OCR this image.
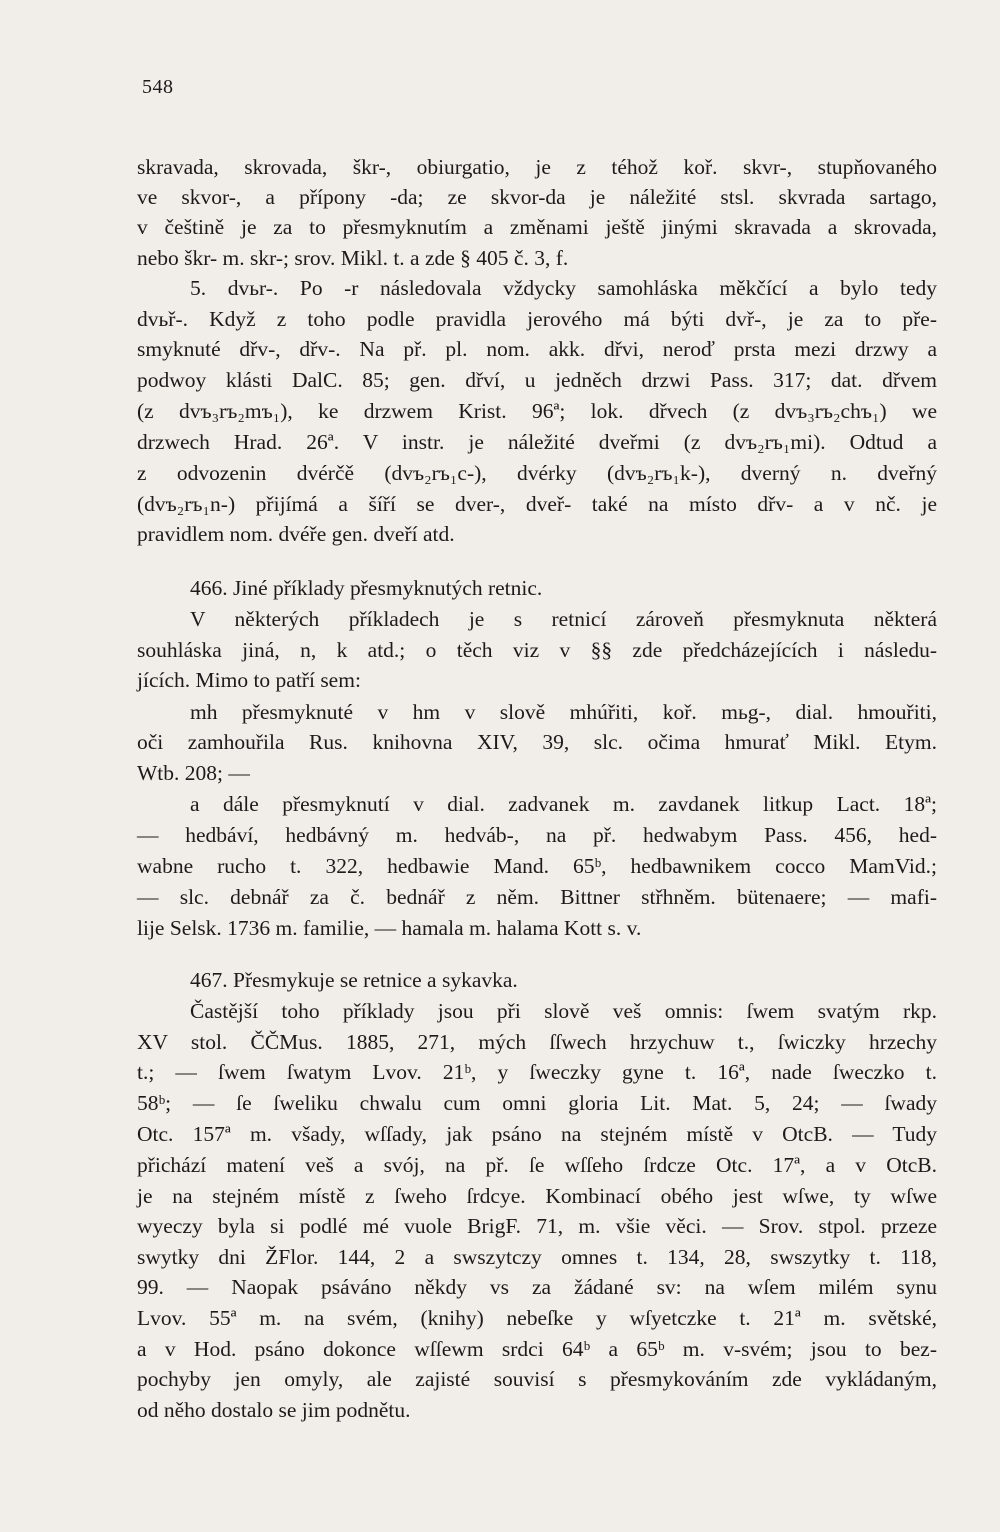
548
skravada, skrovada, škr-, obiurgatio, je z téhož koř. skvr-, stupňovaného
ve skvor-, a přípony -da; ze skvor-da je náležité stsl. skvrada sartago,
v češtině je za to přesmyknutím a změnami ještě jinými skravada a skrovada,
nebo škr- m. skr-; srov. Mikl. t. a zde § 405 č. 3, f.
5. dvьr-. Po -r následovala vždycky samohláska měkčící a bylo tedy
dvьř-. Když z toho podle pravidla jerového má býti dvř-, je za to pře-
smyknuté dřv-, dřv-. Na př. pl. nom. akk. dřvi, neroď prsta mezi drzwy a
podwoy klásti DalC. 85; gen. dřví, u jedněch drzwi Pass. 317; dat. dřvem
(z dvъ₃rъ₂mъ₁), ke drzwem Krist. 96ª; lok. dřvech (z dvъ₃rъ₂chъ₁) we
drzwech Hrad. 26ª. V instr. je náležité dveřmi (z dvъ₂rъ₁mi). Odtud a
z odvozenin dvérčě (dvъ₂rъ₁c-), dvérky (dvъ₂rъ₁k-), dverný n. dveřný
(dvъ₂rъ₁n-) přijímá a šíří se dver-, dveř- také na místo dřv- a v nč. je
pravidlem nom. dvéře gen. dveří atd.
466. Jiné příklady přesmyknutých retnic.
V některých příkladech je s retnicí zároveň přesmyknuta některá
souhláska jiná, n, k atd.; o těch viz v §§ zde předcházejících i následu-
jících. Mimo to patří sem:
mh přesmyknuté v hm v slově mhúřiti, koř. mьg-, dial. hmouřiti,
oči zamhouřila Rus. knihovna XIV, 39, slc. očima hmurať Mikl. Etym.
Wtb. 208; —
a dále přesmyknutí v dial. zadvanek m. zavdanek litkup Lact. 18ª;
— hedbáví, hedbávný m. hedváb-, na př. hedwabym Pass. 456, hed-
wabne rucho t. 322, hedbawie Mand. 65ᵇ, hedbawnikem cocco MamVid.;
— slc. debnář za č. bednář z něm. Bittner střhněm. bütenaere; — mafi-
lije Selsk. 1736 m. familie, — hamala m. halama Kott s. v.
467. Přesmykuje se retnice a sykavka.
Častější toho příklady jsou při slově veš omnis: ſwem svatým rkp.
XV stol. ČČMus. 1885, 271, mých ſſwech hrzychuw t., ſwiczky hrzechy
t.; — ſwem ſwatym Lvov. 21ᵇ, y ſweczky gyne t. 16ª, nade ſweczko t.
58ᵇ; — ſe ſweliku chwalu cum omni gloria Lit. Mat. 5, 24; — ſwady
Otc. 157ª m. všady, wſſady, jak psáno na stejném místě v OtcB. — Tudy
přichází matení veš a svój, na př. ſe wſſeho ſrdcze Otc. 17ª, a v OtcB.
je na stejném místě z ſweho ſrdcye. Kombinací obého jest wſwe, ty wſwe
wyeczy byla si podlé mé vuole BrigF. 71, m. všie věci. — Srov. stpol. przeze
swytky dni ŽFlor. 144, 2 a swszytczy omnes t. 134, 28, swszytky t. 118,
99. — Naopak psáváno někdy vs za žádané sv: na wſem milém synu
Lvov. 55ª m. na svém, (knihy) nebeſke y wſyetczke t. 21ª m. světské,
a v Hod. psáno dokonce wſſewm srdci 64ᵇ a 65ᵇ m. v-svém; jsou to bez-
pochyby jen omyly, ale zajisté souvisí s přesmykováním zde vykládaným,
od něho dostalo se jim podnětu.
